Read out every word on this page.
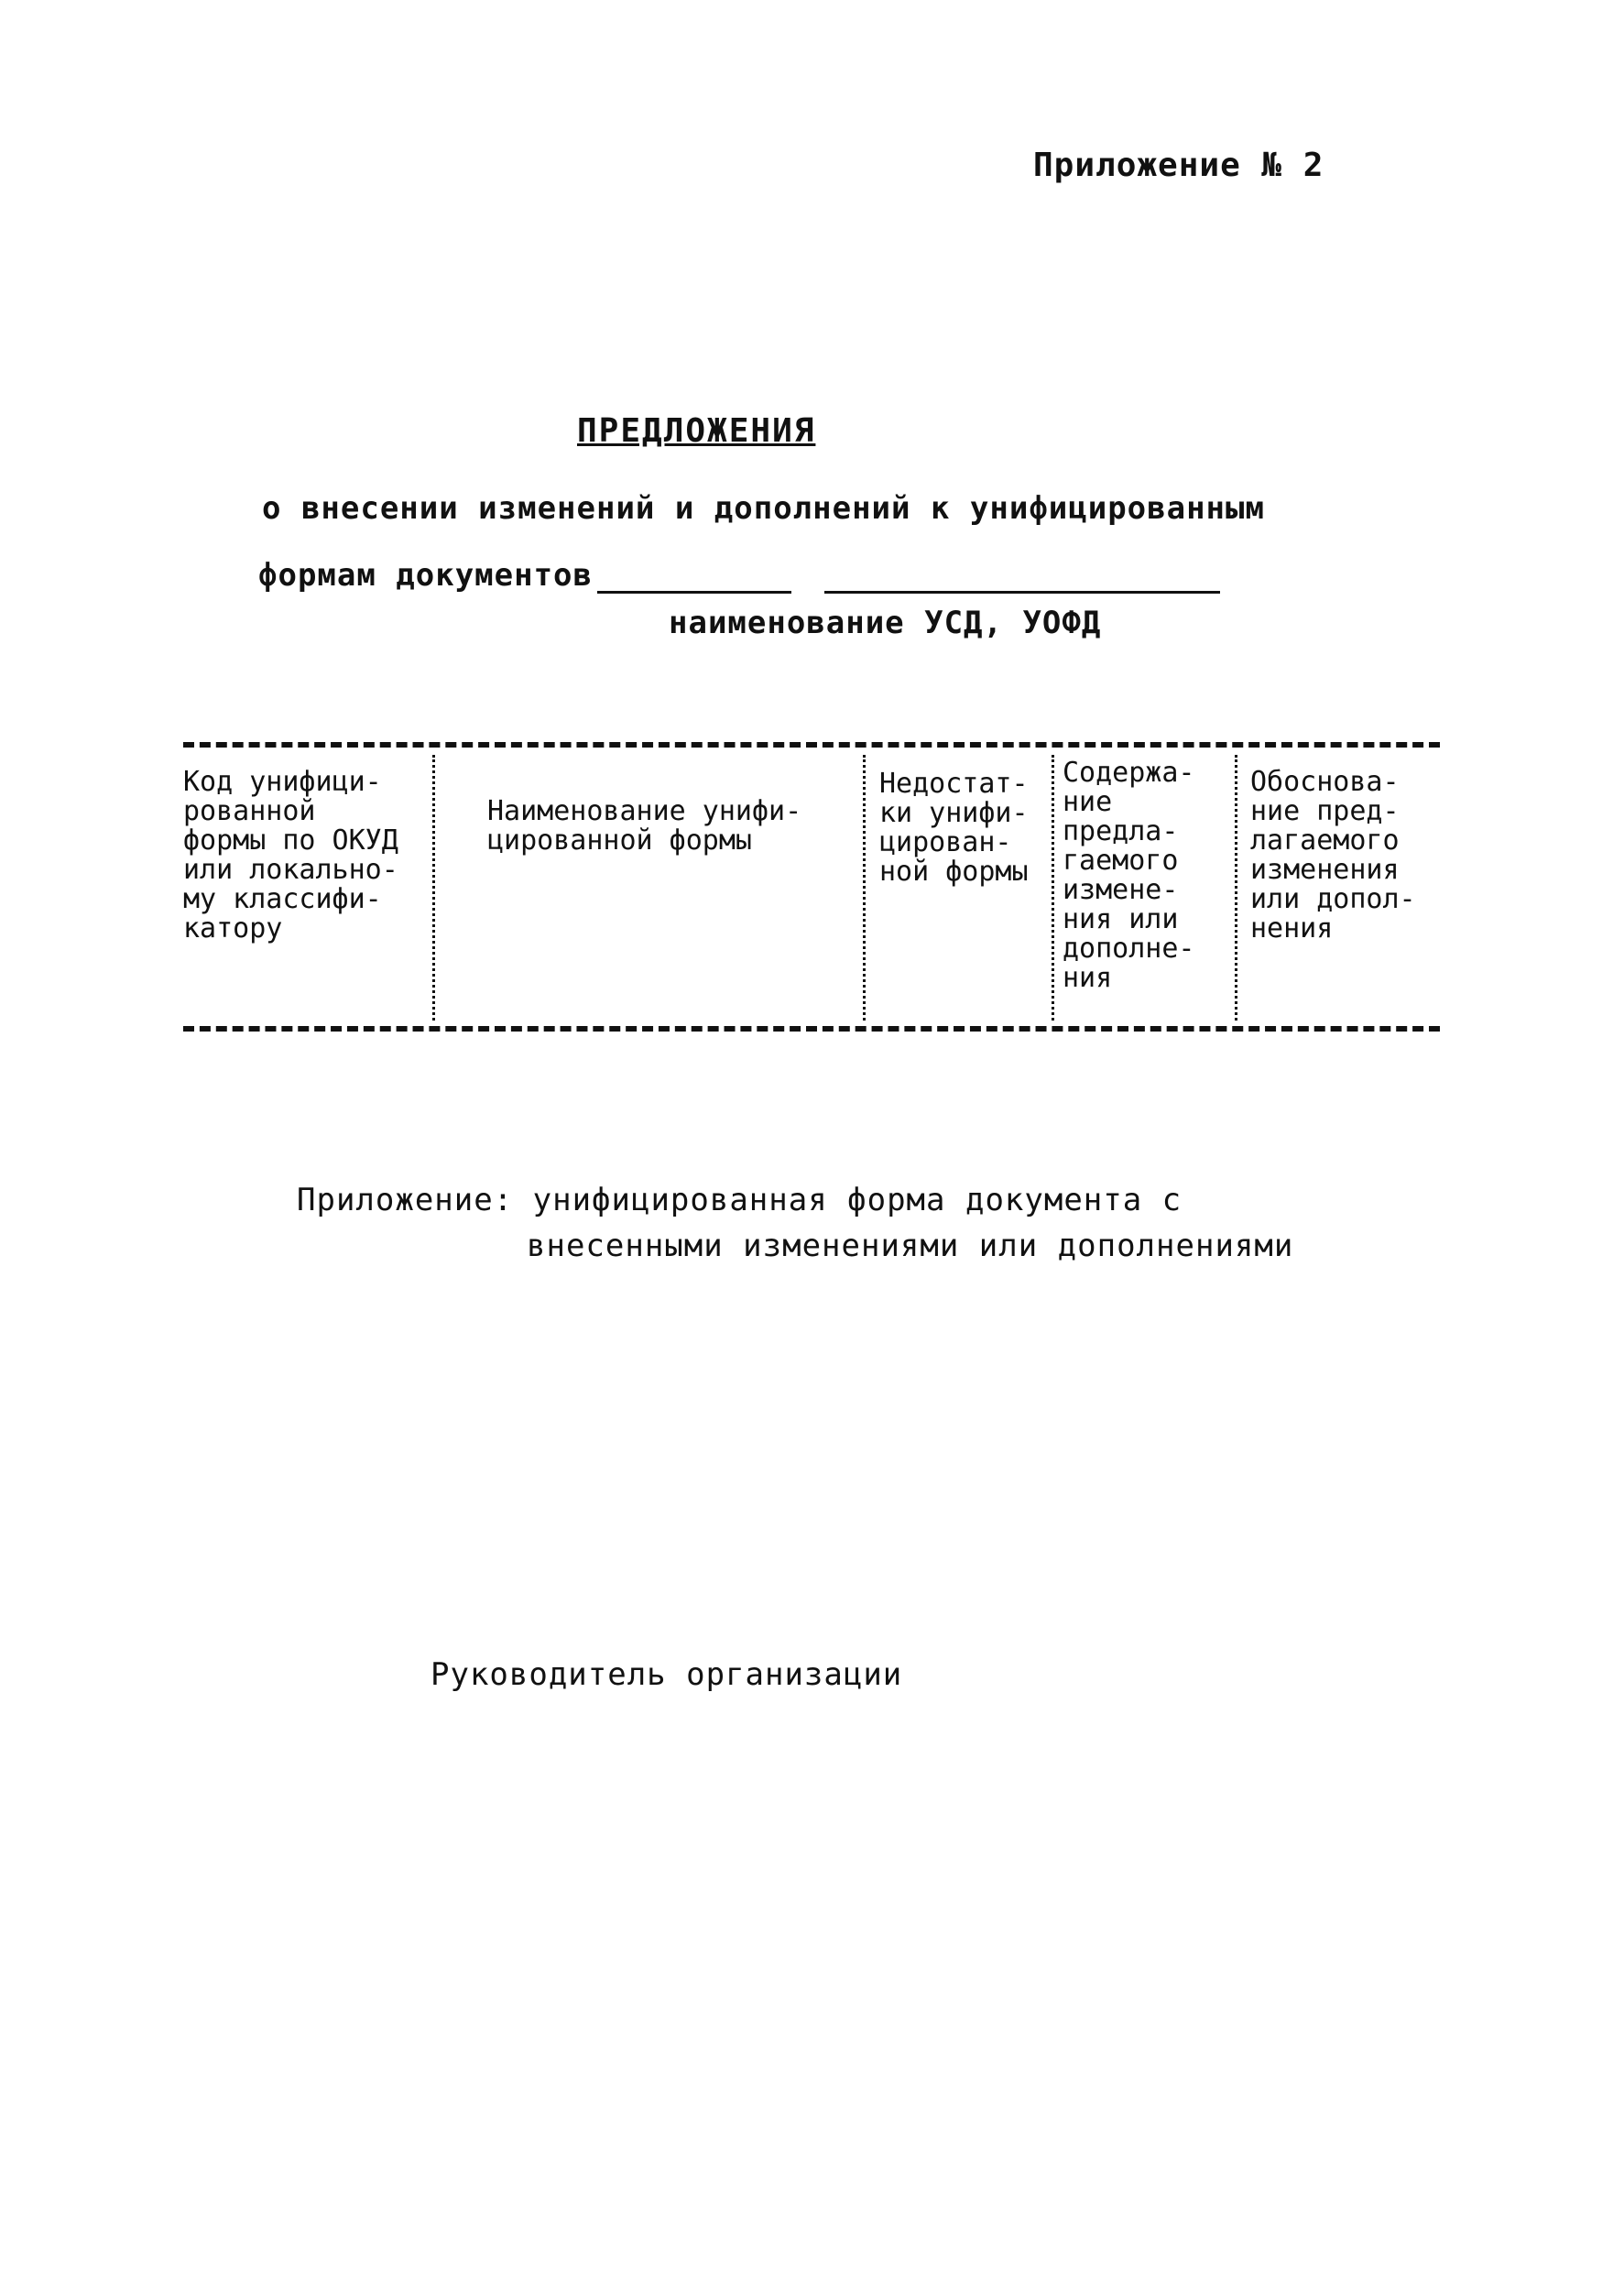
Приложение № 2
ПРЕДЛОЖЕНИЯ
о внесении изменений и дополнений к унифицированным
формам документов
наименование УСД, УОФД
Код унифици-
рованной
формы по ОКУД
или локально-
му классифи-
катору
Наименование унифи-
цированной формы
Недостат-
ки унифи-
цирован-
ной формы
Содержа-
ние
предла-
гаемого
измене-
ния или
дополне-
ния
Обоснова-
ние пред-
лагаемого
изменения
или допол-
нения
Приложение: унифицированная форма документа с
внесенными изменениями или дополнениями
Руководитель организации
